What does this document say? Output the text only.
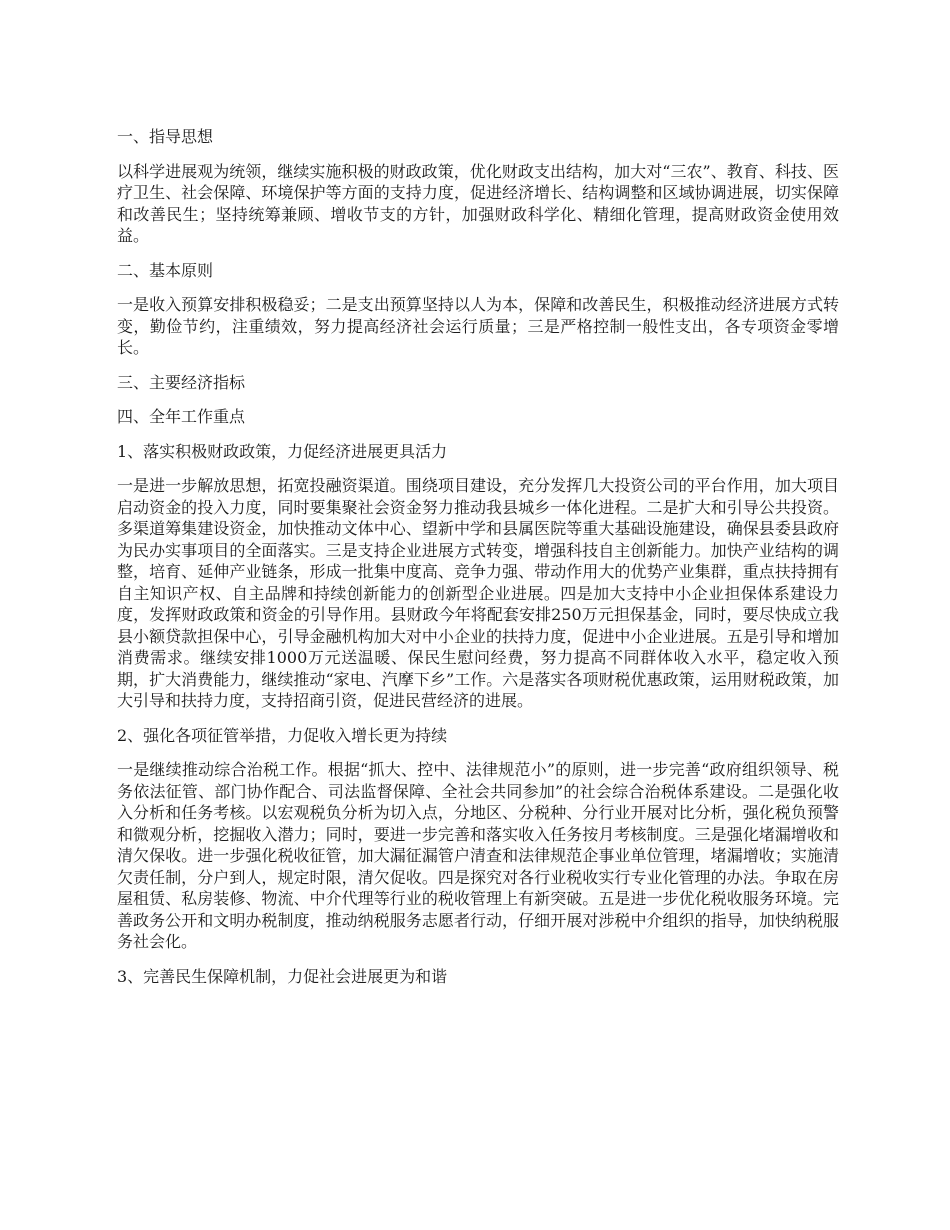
一、指导思想

以科学进展观为统领，继续实施积极的财政政策，优化财政支出结构，加大对“三农”、教育、科技、医疗卫生、社会保障、环境保护等方面的支持力度，促进经济增长、结构调整和区域协调进展，切实保障和改善民生；坚持统筹兼顾、增收节支的方针，加强财政科学化、精细化管理，提高财政资金使用效益。

二、基本原则

一是收入预算安排积极稳妥；二是支出预算坚持以人为本，保障和改善民生，积极推动经济进展方式转变，勤俭节约，注重绩效，努力提高经济社会运行质量；三是严格控制一般性支出，各专项资金零增长。

三、主要经济指标

四、全年工作重点

1、落实积极财政政策，力促经济进展更具活力

一是进一步解放思想，拓宽投融资渠道。围绕项目建设，充分发挥几大投资公司的平台作用，加大项目启动资金的投入力度，同时要集聚社会资金努力推动我县城乡一体化进程。二是扩大和引导公共投资。多渠道筹集建设资金，加快推动文体中心、望新中学和县属医院等重大基础设施建设，确保县委县政府为民办实事项目的全面落实。三是支持企业进展方式转变，增强科技自主创新能力。加快产业结构的调整，培育、延伸产业链条，形成一批集中度高、竞争力强、带动作用大的优势产业集群，重点扶持拥有自主知识产权、自主品牌和持续创新能力的创新型企业进展。四是加大支持中小企业担保体系建设力度，发挥财政政策和资金的引导作用。县财政今年将配套安排250万元担保基金，同时，要尽快成立我县小额贷款担保中心，引导金融机构加大对中小企业的扶持力度，促进中小企业进展。五是引导和增加消费需求。继续安排1000万元送温暖、保民生慰问经费，努力提高不同群体收入水平，稳定收入预期，扩大消费能力，继续推动“家电、汽摩下乡”工作。六是落实各项财税优惠政策，运用财税政策，加大引导和扶持力度，支持招商引资，促进民营经济的进展。

2、强化各项征管举措，力促收入增长更为持续

一是继续推动综合治税工作。根据“抓大、控中、法律规范小”的原则，进一步完善“政府组织领导、税务依法征管、部门协作配合、司法监督保障、全社会共同参加”的社会综合治税体系建设。二是强化收入分析和任务考核。以宏观税负分析为切入点，分地区、分税种、分行业开展对比分析，强化税负预警和微观分析，挖掘收入潜力；同时，要进一步完善和落实收入任务按月考核制度。三是强化堵漏增收和清欠保收。进一步强化税收征管，加大漏征漏管户清查和法律规范企事业单位管理，堵漏增收；实施清欠责任制，分户到人，规定时限，清欠促收。四是探究对各行业税收实行专业化管理的办法。争取在房屋租赁、私房装修、物流、中介代理等行业的税收管理上有新突破。五是进一步优化税收服务环境。完善政务公开和文明办税制度，推动纳税服务志愿者行动，仔细开展对涉税中介组织的指导，加快纳税服务社会化。

3、完善民生保障机制，力促社会进展更为和谐
